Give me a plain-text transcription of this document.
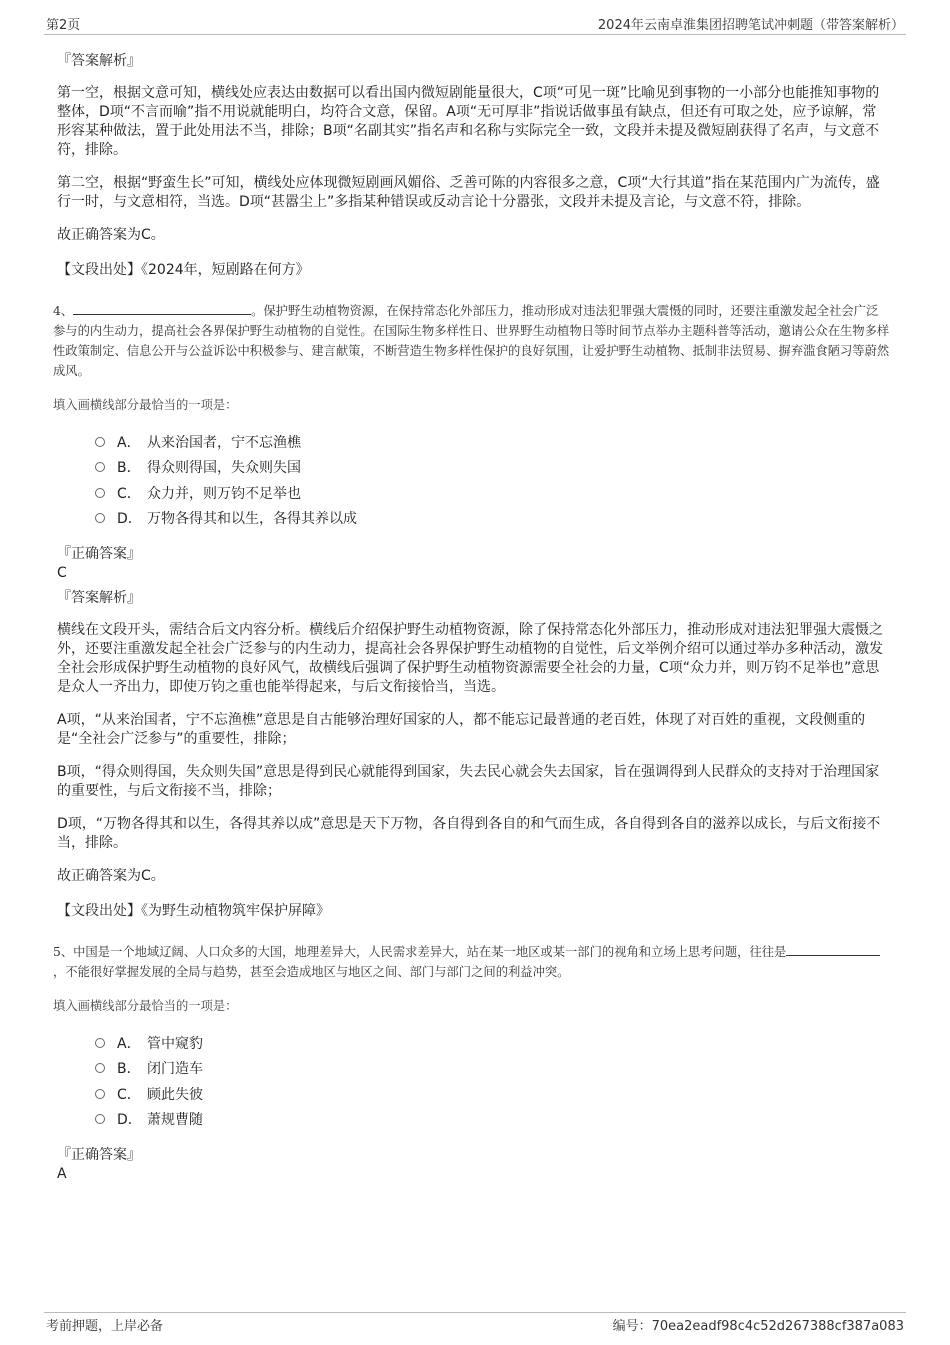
第2页	2024年云南卓淮集团招聘笔试冲刺题（带答案解析）
『答案解析』

第一空，根据文意可知，横线处应表达由数据可以看出国内微短剧能量很大，C项“可见一斑”比喻见到事物的一小部分也能推知事物的整体，D项“不言而喻”指不用说就能明白，均符合文意，保留。A项“无可厚非”指说话做事虽有缺点，但还有可取之处，应予谅解，常形容某种做法，置于此处用法不当，排除；B项“名副其实”指名声和名称与实际完全一致，文段并未提及微短剧获得了名声，与文意不符，排除。

第二空，根据“野蛮生长”可知，横线处应体现微短剧画风媚俗、乏善可陈的内容很多之意，C项“大行其道”指在某范围内广为流传，盛行一时，与文意相符，当选。D项“甚嚣尘上”多指某种错误或反动言论十分嚣张，文段并未提及言论，与文意不符，排除。

故正确答案为C。

【文段出处】《2024年，短剧路在何方》

4、	。保护野生动植物资源，在保持常态化外部压力，推动形成对违法犯罪强大震慑的同时，还要注重激发起全社会广泛参与的内生动力，提高社会各界保护野生动植物的自觉性。在国际生物多样性日、世界野生动植物日等时间节点举办主题科普等活动，邀请公众在生物多样性政策制定、信息公开与公益诉讼中积极参与、建言献策，不断营造生物多样性保护的良好氛围，让爱护野生动植物、抵制非法贸易、摒弃滥食陋习等蔚然成风。

填入画横线部分最恰当的一项是：
A． 从来治国者，宁不忘渔樵
B． 得众则得国，失众则失国
C． 众力并，则万钧不足举也
D． 万物各得其和以生，各得其养以成
『正确答案』
C
『答案解析』

横线在文段开头，需结合后文内容分析。横线后介绍保护野生动植物资源，除了保持常态化外部压力，推动形成对违法犯罪强大震慑之外，还要注重激发起全社会广泛参与的内生动力，提高社会各界保护野生动植物的自觉性，后文举例介绍可以通过举办多种活动，激发全社会形成保护野生动植物的良好风气，故横线后强调了保护野生动植物资源需要全社会的力量，C项“众力并，则万钧不足举也”意思是众人一齐出力，即使万钧之重也能举得起来，与后文衔接恰当，当选。

A项，“从来治国者，宁不忘渔樵”意思是自古能够治理好国家的人，都不能忘记最普通的老百姓，体现了对百姓的重视，文段侧重的是“全社会广泛参与”的重要性，排除；

B项，“得众则得国，失众则失国”意思是得到民心就能得到国家，失去民心就会失去国家，旨在强调得到人民群众的支持对于治理国家的重要性，与后文衔接不当，排除；

D项，“万物各得其和以生，各得其养以成”意思是天下万物，各自得到各自的和气而生成，各自得到各自的滋养以成长，与后文衔接不当，排除。

故正确答案为C。

【文段出处】《为野生动植物筑牢保护屏障》

5、中国是一个地域辽阔、人口众多的大国，地理差异大，人民需求差异大，站在某一地区或某一部门的视角和立场上思考问题，往往是，不能很好掌握发展的全局与趋势，甚至会造成地区与地区之间、部门与部门之间的利益冲突。

填入画横线部分最恰当的一项是：
A． 管中窥豹
B． 闭门造车
C． 顾此失彼
D． 萧规曹随
『正确答案』
A
考前押题，上岸必备	编号：70ea2eadf98c4c52d267388cf387a083
